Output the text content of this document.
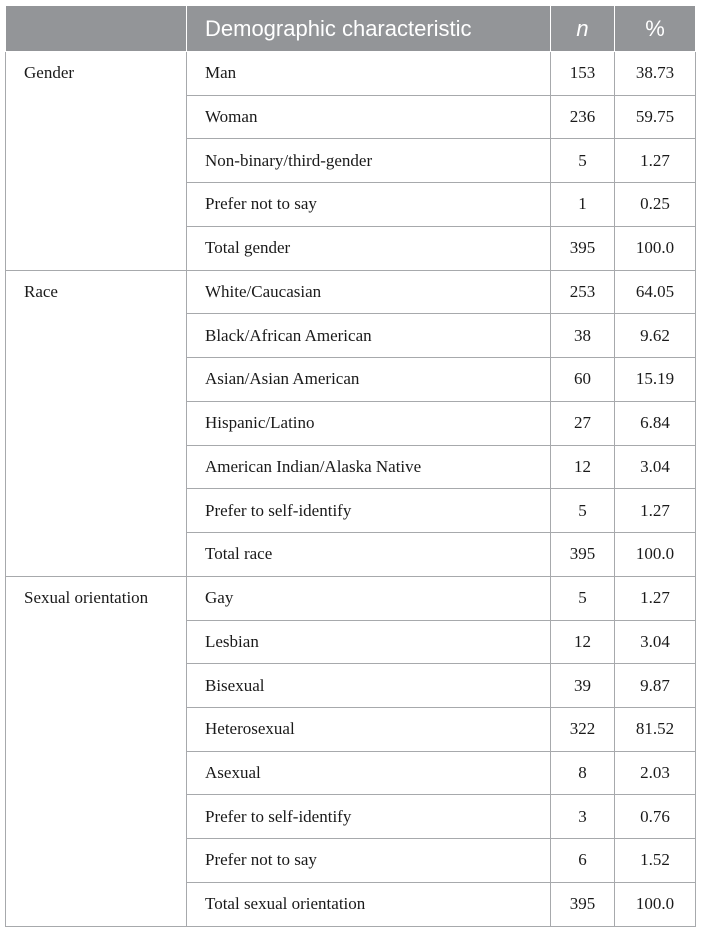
	Demographic characteristic	n	%
Gender	Man	153	38.73
	Woman	236	59.75
	Non-binary/third-gender	5	1.27
	Prefer not to say	1	0.25
	Total gender	395	100.0
Race	White/Caucasian	253	64.05
	Black/African American	38	9.62
	Asian/Asian American	60	15.19
	Hispanic/Latino	27	6.84
	American Indian/Alaska Native	12	3.04
	Prefer to self-identify	5	1.27
	Total race	395	100.0
Sexual orientation	Gay	5	1.27
	Lesbian	12	3.04
	Bisexual	39	9.87
	Heterosexual	322	81.52
	Asexual	8	2.03
	Prefer to self-identify	3	0.76
	Prefer not to say	6	1.52
	Total sexual orientation	395	100.0
